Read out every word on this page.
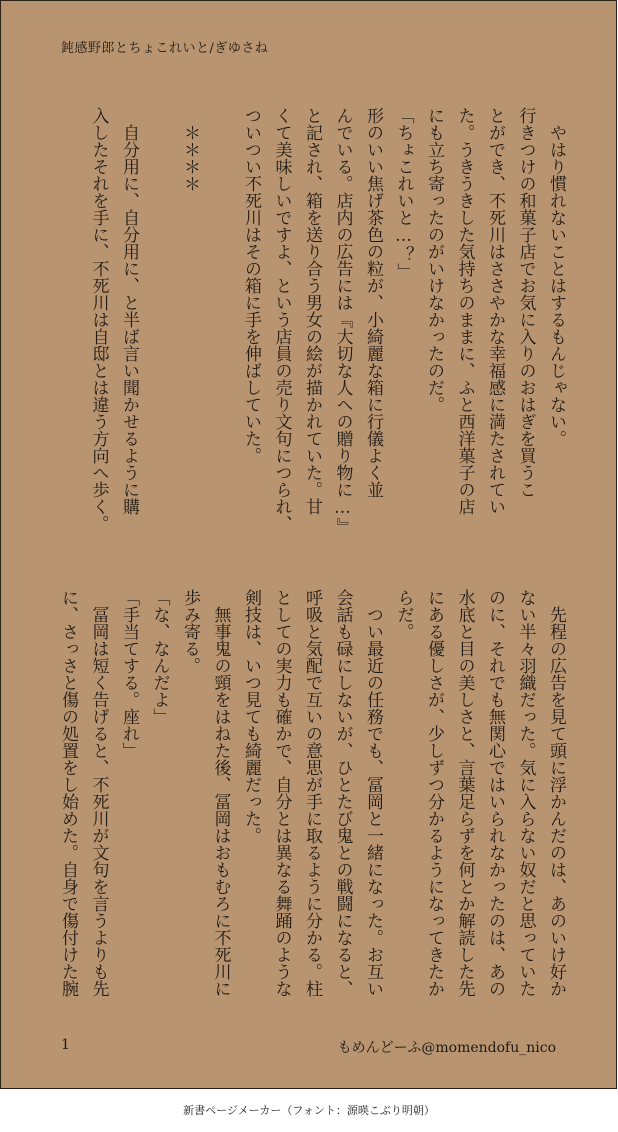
鈍感野郎とちょこれいと/ぎゆさね
　やはり慣れないことはするもんじゃない。
行きつけの和菓子店でお気に入りのおはぎを買うこ
とができ、不死川はささやかな幸福感に満たされてい
た。うきうきした気持ちのままに、ふと西洋菓子の店
にも立ち寄ったのがいけなかったのだ。
「ちょこれいと…？」
形のいい焦げ茶色の粒が、小綺麗な箱に行儀よく並
んでいる。店内の広告には『大切な人への贈り物に…』
と記され、箱を送り合う男女の絵が描かれていた。甘
くて美味しいですよ、という店員の売り文句につられ、
ついつい不死川はその箱に手を伸ばしていた。

　＊＊＊＊

　自分用に、自分用に、と半ば言い聞かせるように購
入したそれを手に、不死川は自邸とは違う方向へ歩く。
　先程の広告を見て頭に浮かんだのは、あのいけ好か
ない半々羽織だった。気に入らない奴だと思っていた
のに、それでも無関心ではいられなかったのは、あの
水底と目の美しさと、言葉足らずを何とか解読した先
にある優しさが、少しずつ分かるようになってきたか
らだ。
　つい最近の任務でも、冨岡と一緒になった。お互い
会話も碌にしないが、ひとたび鬼との戦闘になると、
呼吸と気配で互いの意思が手に取るように分かる。柱
としての実力も確かで、自分とは異なる舞踊のような
剣技は、いつ見ても綺麗だった。
　無事鬼の頸をはねた後、冨岡はおもむろに不死川に
歩み寄る。
「な、なんだよ」
「手当てする。座れ」
　冨岡は短く告げると、不死川が文句を言うよりも先
に、さっさと傷の処置をし始めた。自身で傷付けた腕
1	もめんどーふ@momendofu_nico
新書ページメーカー（フォント：源暎こぶり明朝）
